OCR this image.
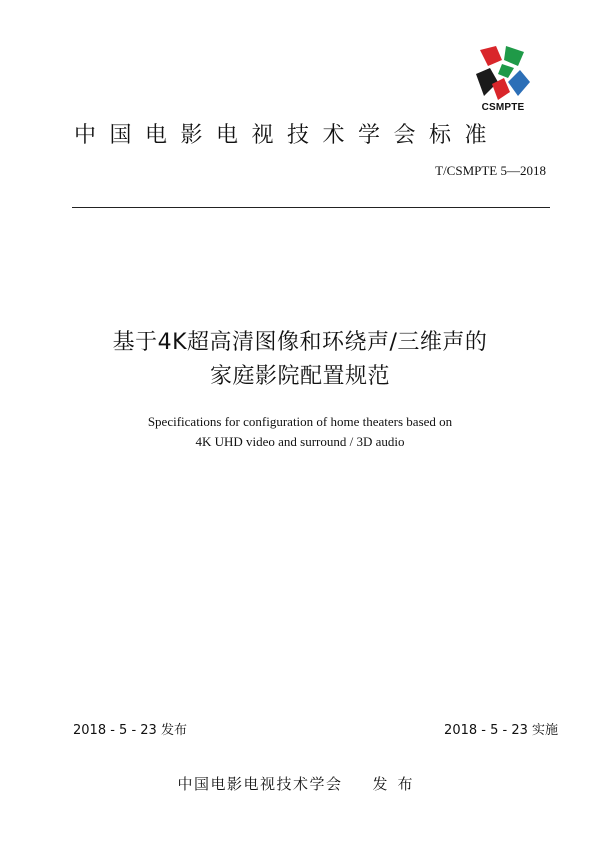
CSMPTE
中国电影电视技术学会标准
T/CSMPTE 5—2018
基于4K超高清图像和环绕声/三维声的
家庭影院配置规范
Specifications for configuration of home theaters based on
4K UHD video and surround / 3D audio
2018 - 5 - 23 发布	2018 - 5 - 23 实施
中国电影电视技术学会 发布
